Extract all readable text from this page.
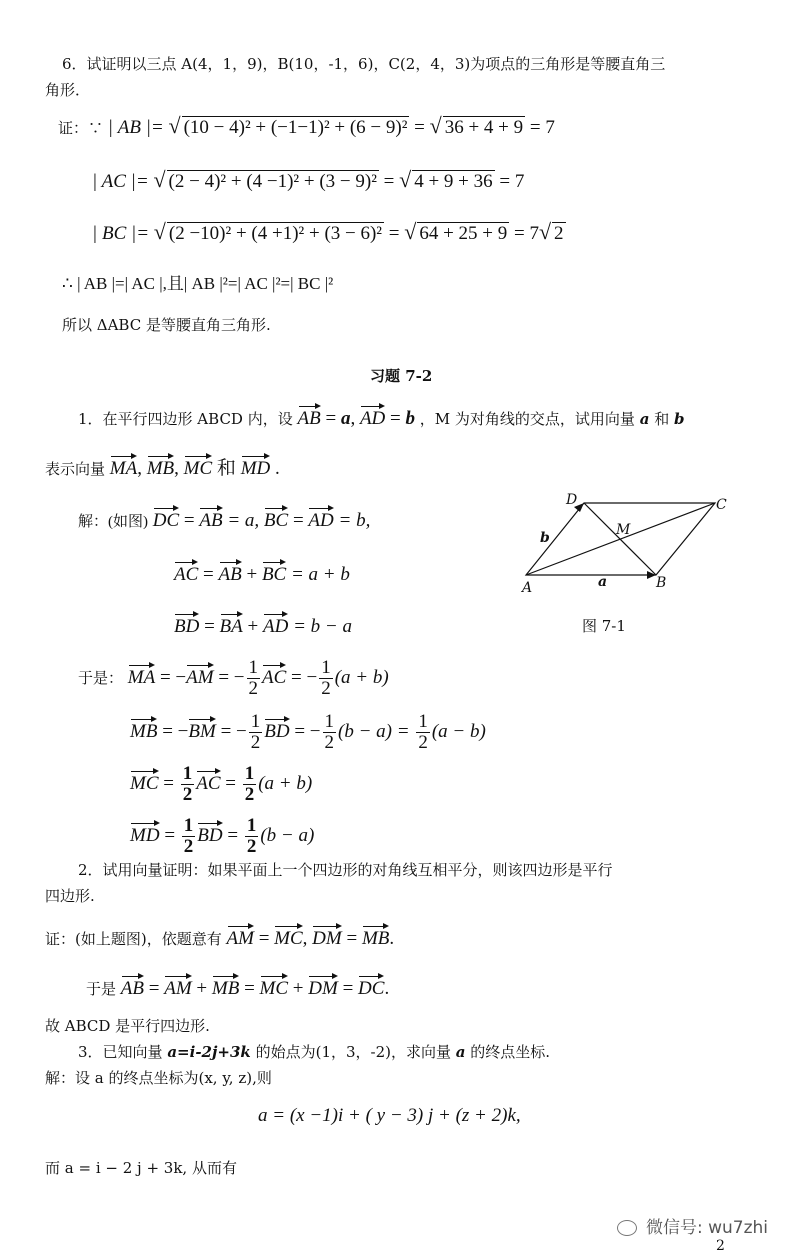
6．试证明以三点 A(4，1，9)，B(10，-1，6)，C(2，4，3)为项点的三角形是等腰直角三
角形．
证：∵ | AB |= √ (10 − 4)² + (−1−1)² + (6 − 9)² = √ 36 + 4 + 9 = 7
| AC |= √ (2 − 4)² + (4 −1)² + (3 − 9)² = √ 4 + 9 + 36 = 7
| BC |= √ (2 −10)² + (4 +1)² + (3 − 6)² = √ 64 + 25 + 9 = 7√ 2
∴ | AB |=| AC |,且| AB |²=| AC |²=| BC |²
所以 ΔABC 是等腰直角三角形.
习题 7-2
1．在平行四边形 ABCD 内，设 AB = a, AD = b ，M 为对角线的交点，试用向量 a 和 b
表示向量 MA, MB, MC 和 MD .
解：(如图) DC = AB = a, BC = AD = b,
AC = AB + BC = a + b
BD = BA + AD = b − a
D	C
A	B
M
a
b
图 7-1
于是： MA = −AM = − $\frac{1}{2}$ AC = − $\frac{1}{2} (a + b)$
MB = −BM = − $\frac{1}{2}$ BD = − $\frac{1}{2} (b - a) = \frac{1}{2} (a - b)$
MC = $\frac{1}{2}$ AC = $\frac{1}{2} (a + b)$
MD = $\frac{1}{2}$ BD = $\frac{1}{2} (b - a)$
2．试用向量证明：如果平面上一个四边形的对角线互相平分，则该四边形是平行
四边形.
证：(如上题图)，依题意有 AM = MC, DM = MB.
于是 AB = AM + MB = MC + DM = DC.
故 ABCD 是平行四边形.
3．已知向量 a=i-2j+3k 的始点为(1，3，-2)，求向量 a 的终点坐标.
解：设 a 的终点坐标为(x, y, z),则
a = (x −1)i + ( y − 3) j + (z + 2)k,
而 a = i − 2 j + 3k, 从而有
微信号: wu7zhi
2
